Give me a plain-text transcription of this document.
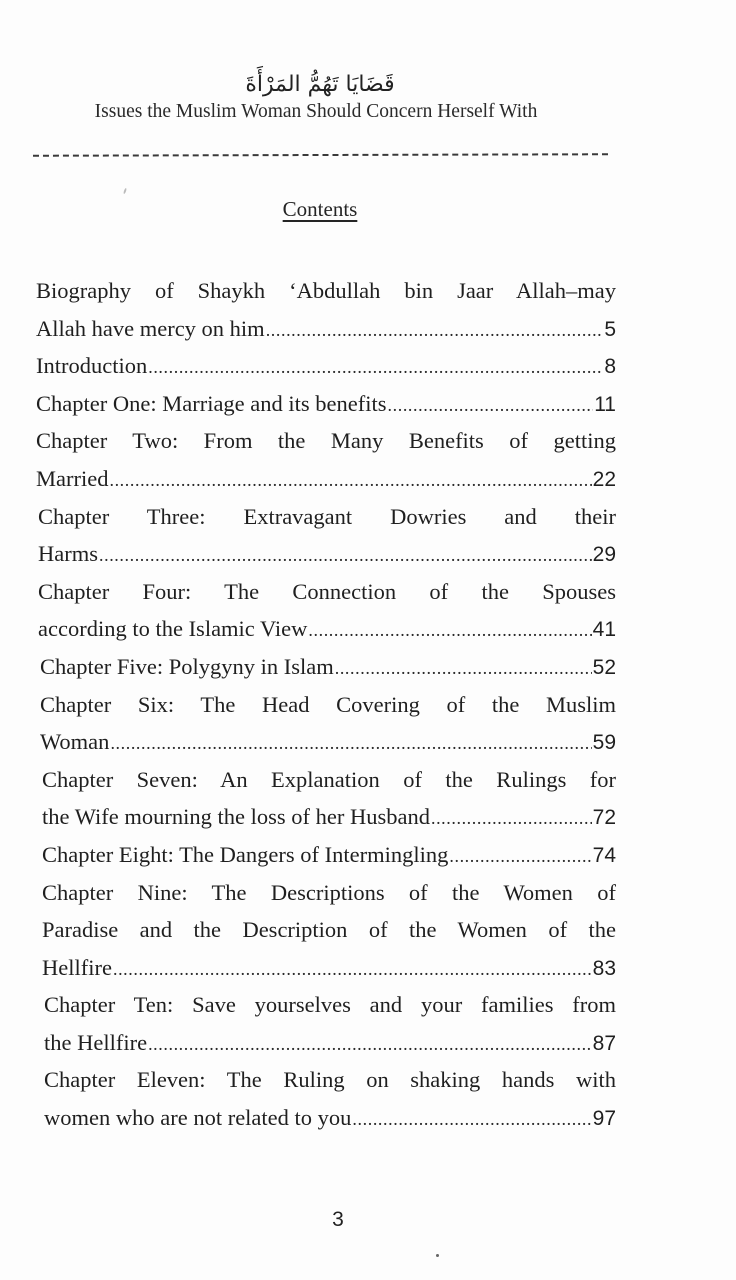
قَضَايَا تَهُمُّ المَرْأَةَ
Issues the Muslim Woman Should Concern Herself With
Contents
Biography of Shaykh ‘Abdullah bin Jaar Allah–may
Allah have mercy on him .....	5
Introduction .....	8
Chapter One: Marriage and its benefits .....	11
Chapter Two: From the Many Benefits of getting
Married .....	22
Chapter Three: Extravagant Dowries and their
Harms .....	29
Chapter Four: The Connection of the Spouses
according to the Islamic View .....	41
Chapter Five: Polygyny in Islam .....	52
Chapter Six: The Head Covering of the Muslim
Woman .....	59
Chapter Seven: An Explanation of the Rulings for
the Wife mourning the loss of her Husband .....	72
Chapter Eight: The Dangers of Intermingling .....	74
Chapter Nine: The Descriptions of the Women of
Paradise and the Description of the Women of the
Hellfire .....	83
Chapter Ten: Save yourselves and your families from
the Hellfire .....	87
Chapter Eleven: The Ruling on shaking hands with
women who are not related to you .....	97
3
